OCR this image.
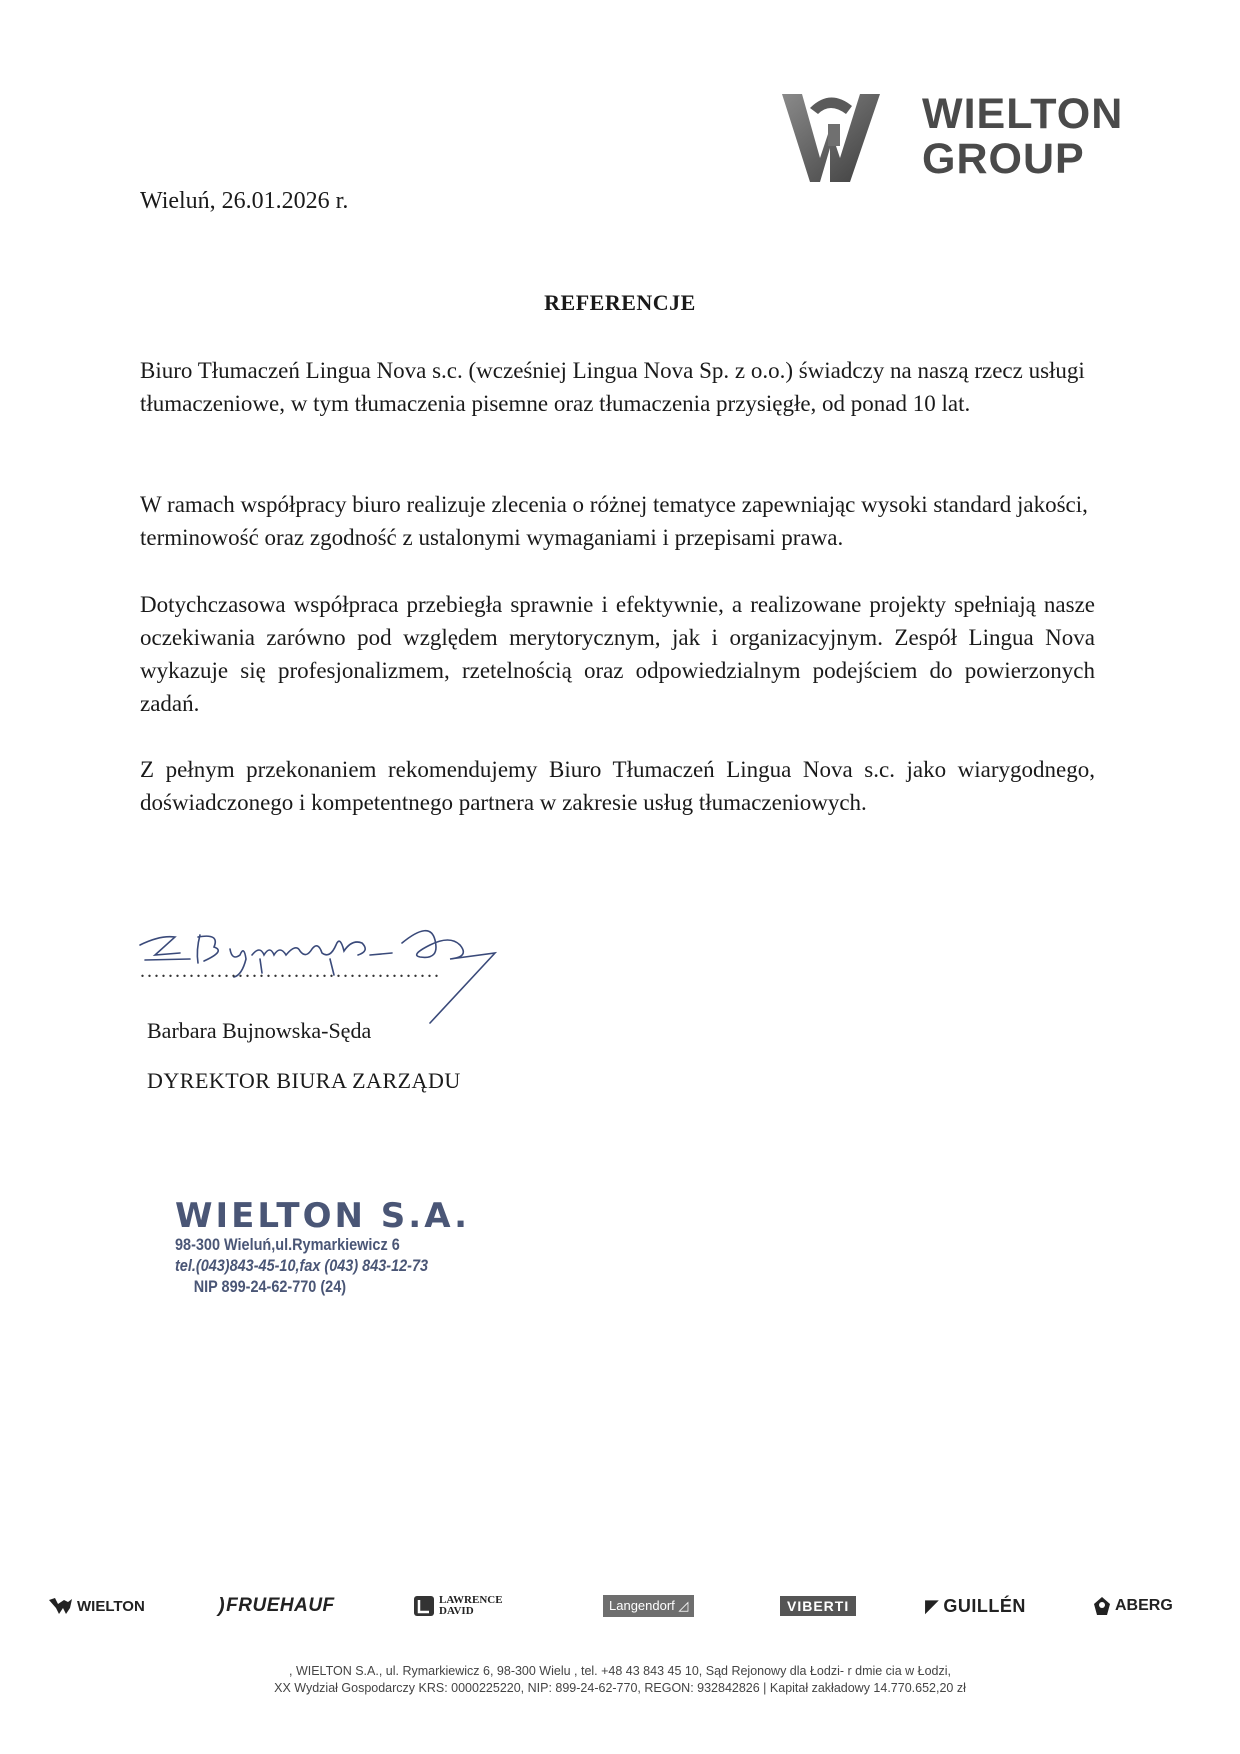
WIELTON
GROUP
Wieluń, 26.01.2026 r.
REFERENCJE
Biuro Tłumaczeń Lingua Nova s.c. (wcześniej Lingua Nova Sp. z o.o.) świadczy na naszą rzecz usługi tłumaczeniowe, w tym tłumaczenia pisemne oraz tłumaczenia przysięgłe, od ponad 10 lat.
W ramach współpracy biuro realizuje zlecenia o różnej tematyce zapewniając wysoki standard jakości, terminowość oraz zgodność z ustalonymi wymaganiami i przepisami prawa.
Dotychczasowa współpraca przebiegła sprawnie i efektywnie, a realizowane projekty spełniają nasze oczekiwania zarówno pod względem merytorycznym, jak i organizacyjnym. Zespół Lingua Nova wykazuje się profesjonalizmem, rzetelnością oraz odpowiedzialnym podejściem do powierzonych zadań.
Z pełnym przekonaniem rekomendujemy Biuro Tłumaczeń Lingua Nova s.c. jako wiarygodnego, doświadczonego i kompetentnego partnera w zakresie usług tłumaczeniowych.
...........................................
Barbara Bujnowska-Sęda
DYREKTOR BIURA ZARZĄDU
WIELTON S.A.
98-300 Wieluń,ul.Rymarkiewicz 6
tel.(043)843-45-10,fax (043) 843-12-73
NIP 899-24-62-770 (24)
WIELTON	) FRUEHAUF	LAWRENCE
DAVID	Langendorf ◿	VIBERTI	◤ GUILLÉN	ABERG
, WIELTON S.A., ul. Rymarkiewicz 6, 98-300 Wielu , tel. +48 43 843 45 10, Sąd Rejonowy dla Łodzi- r dmie cia w Łodzi,
XX Wydział Gospodarczy KRS: 0000225220, NIP: 899-24-62-770, REGON: 932842826 | Kapitał zakładowy 14.770.652,20 zł
